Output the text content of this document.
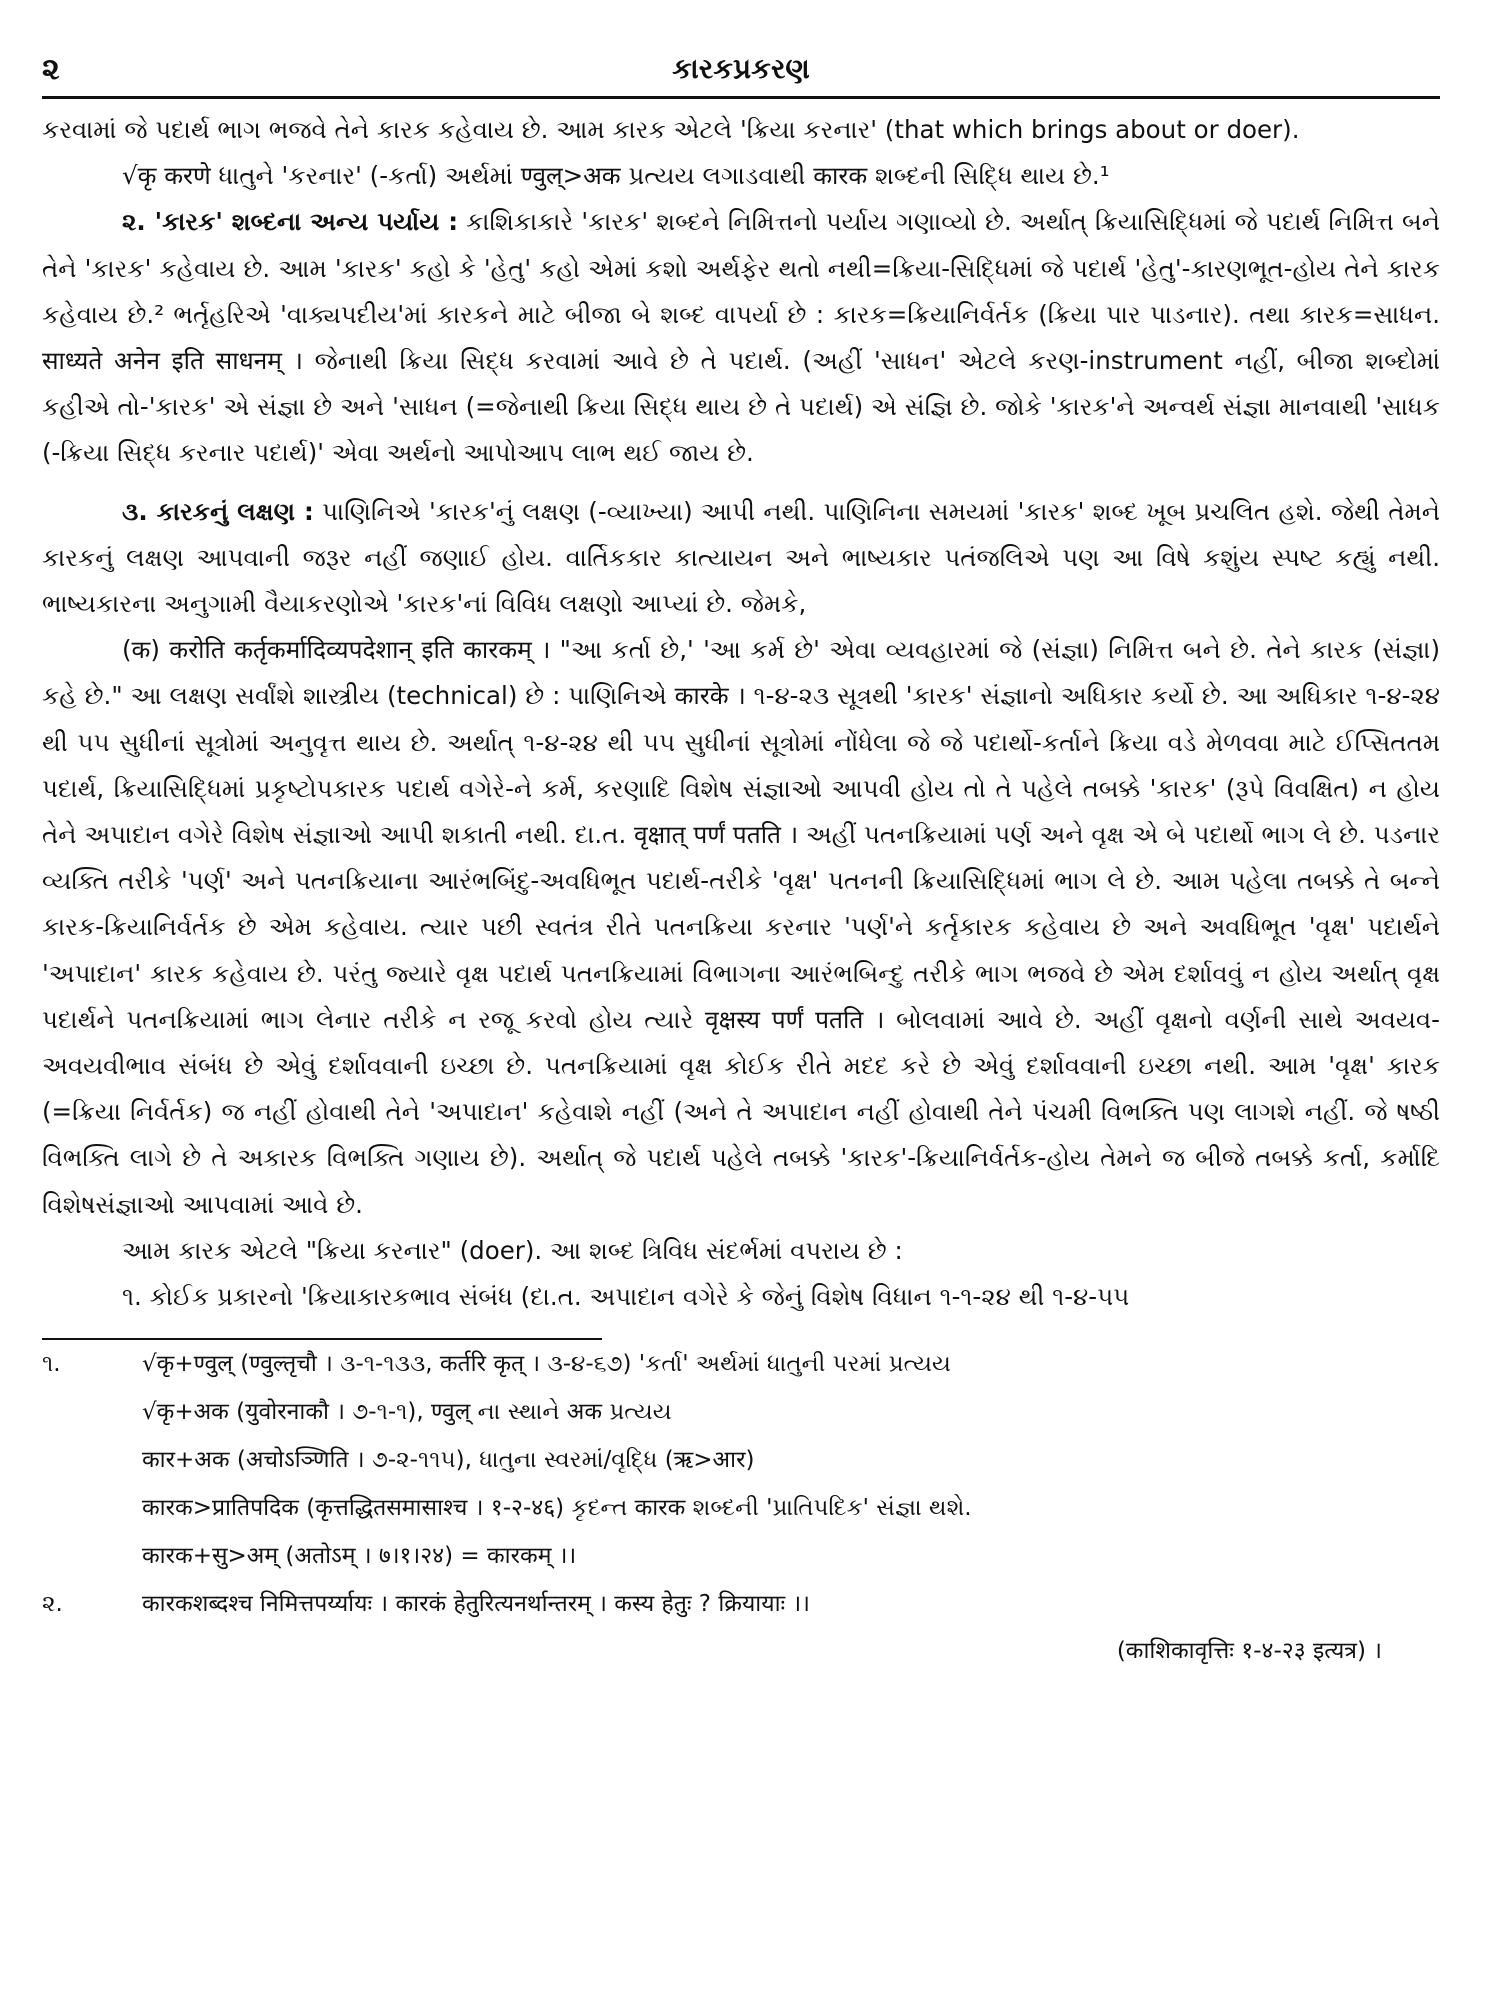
૨	કારકપ્રકરણ

કરવામાં જે પદાર્થ ભાગ ભજવે તેને કારક કહેવાય છે. આમ કારક એટલે 'ક્રિયા કરનાર' (that which brings about or doer).

√कृ करणे ધાતુને 'કરનાર' (-કર્તા) અર્થમાં ण्वुल्>अक પ્રત્યય લગાડવાથી कारक શબ્દની સિદ્ધિ થાય છે.¹

૨. 'કારક' શબ્દના અન્ય પર્યાય : કાશિકાકારે 'કારક' શબ્દને નિમિત્તનો પર્યાય ગણાવ્યો છે. અર્થાત્ ક્રિયાસિદ્ધિમાં જે પદાર્થ નિમિત્ત બને તેને 'કારક' કહેવાય છે. આમ 'કારક' કહો કે 'હેતુ' કહો એમાં કશો અર્થફેર થતો નથી=ક્રિયા-સિદ્ધિમાં જે પદાર્થ 'હેતુ'-કારણભૂત-હોય તેને કારક કહેવાય છે.² ભર્તૃહરિએ 'વાક્યપદીય'માં કારકને માટે બીજા બે શબ્દ વાપર્યા છે : કારક=ક્રિયાનિર્વર્તક (ક્રિયા પાર પાડનાર). તથા કારક=સાધન. साध्यते अनेन इति साधनम् । જેનાથી ક્રિયા સિદ્ધ કરવામાં આવે છે તે પદાર્થ. (અહીં 'સાધન' એટલે કરણ-instrument નહીં, બીજા શબ્દોમાં કહીએ તો-'કારક' એ સંજ્ઞા છે અને 'સાધન (=જેનાથી ક્રિયા સિદ્ધ થાય છે તે પદાર્થ) એ સંજ્ઞિ છે. જોકે 'કારક'ને અન્વર્થ સંજ્ઞા માનવાથી 'સાધક (-ક્રિયા સિદ્ધ કરનાર પદાર્થ)' એવા અર્થનો આપોઆપ લાભ થઈ જાય છે.

૩. કારકનું લક્ષણ : પાણિનિએ 'કારક'નું લક્ષણ (-વ્યાખ્યા) આપી નથી. પાણિનિના સમયમાં 'કારક' શબ્દ ખૂબ પ્રચલિત હશે. જેથી તેમને કારકનું લક્ષણ આપવાની જરૂર નહીં જણાઈ હોય. વાર્તિકકાર કાત્યાયન અને ભાષ્યકાર પતંજલિએ પણ આ વિષે કશુંય સ્પષ્ટ કહ્યું નથી. ભાષ્યકારના અનુગામી વૈયાકરણોએ 'કારક'નાં વિવિધ લક્ષણો આપ્યાં છે. જેમકે,

(क) करोति कर्तृकर्मादिव्यपदेशान् इति कारकम् । "આ કર્તા છે,' 'આ કર્મ છે' એવા વ્યવહારમાં જે (સંજ્ઞા) નિમિત્ત બને છે. તેને કારક (સંજ્ઞા) કહે છે." આ લક્ષણ સર્વાંશે શાસ્ત્રીય (technical) છે : પાણિનિએ कारके । ૧-૪-૨૩ સૂત્રથી 'કારક' સંજ્ઞાનો અધિકાર કર્યો છે. આ અધિકાર ૧-૪-૨૪ થી ૫૫ સુધીનાં સૂત્રોમાં અનુવૃત્ત થાય છે. અર્થાત્ ૧-૪-૨૪ થી ૫૫ સુધીનાં સૂત્રોમાં નોંધેલા જે જે પદાર્થો-કર્તાને ક્રિયા વડે મેળવવા માટે ઈપ્સિતતમ પદાર્થ, ક્રિયાસિદ્ધિમાં પ્રકૃષ્ટોપકારક પદાર્થ વગેરે-ને કર્મ, કરણાદિ વિશેષ સંજ્ઞાઓ આપવી હોય તો તે પહેલે તબક્કે 'કારક' (રૂપે વિવક્ષિત) ન હોય તેને અપાદાન વગેરે વિશેષ સંજ્ઞાઓ આપી શકાતી નથી. દા.ત. वृक्षात् पर्णं पतति । અહીં પતનક્રિયામાં પર્ણ અને વૃક્ષ એ બે પદાર્થો ભાગ લે છે. પડનાર વ્યક્તિ તરીકે 'પર્ણ' અને પતનક્રિયાના આરંભબિંદુ-અવધિભૂત પદાર્થ-તરીકે 'વૃક્ષ' પતનની ક્રિયાસિદ્ધિમાં ભાગ લે છે. આમ પહેલા તબક્કે તે બન્ને કારક-ક્રિયાનિર્વર્તક છે એમ કહેવાય. ત્યાર પછી સ્વતંત્ર રીતે પતનક્રિયા કરનાર 'પર્ણ'ને કર્તૃકારક કહેવાય છે અને અવધિભૂત 'વૃક્ષ' પદાર્થને 'અપાદાન' કારક કહેવાય છે. પરંતુ જ્યારે વૃક્ષ પદાર્થ પતનક્રિયામાં વિભાગના આરંભબિન્દુ તરીકે ભાગ ભજવે છે એમ દર્શાવવું ન હોય અર્થાત્ વૃક્ષ પદાર્થને પતનક્રિયામાં ભાગ લેનાર તરીકે ન રજૂ કરવો હોય ત્યારે वृक्षस्य पर्णं पतति । બોલવામાં આવે છે. અહીં વૃક્ષનો વર્ણની સાથે અવયવ-અવયવીભાવ સંબંધ છે એવું દર્શાવવાની ઇચ્છા છે. પતનક્રિયામાં વૃક્ષ કોઈક રીતે મદદ કરે છે એવું દર્શાવવાની ઇચ્છા નથી. આમ 'વૃક્ષ' કારક (=ક્રિયા નિર્વર્તક) જ નહીં હોવાથી તેને 'અપાદાન' કહેવાશે નહીં (અને તે અપાદાન નહીં હોવાથી તેને પંચમી વિભક્તિ પણ લાગશે નહીં. જે ષષ્ઠી વિભક્તિ લાગે છે તે અકારક વિભક્તિ ગણાય છે). અર્થાત્ જે પદાર્થ પહેલે તબક્કે 'કારક'-ક્રિયાનિર્વર્તક-હોય તેમને જ બીજે તબક્કે કર્તા, કર્માદિ વિશેષસંજ્ઞાઓ આપવામાં આવે છે.

આમ કારક એટલે "ક્રિયા કરનાર" (doer). આ શબ્દ ત્રિવિધ સંદર્ભમાં વપરાય છે :

૧. કોઈક પ્રકારનો 'ક્રિયાકારકભાવ સંબંધ (દા.ત. અપાદાન વગેરે કે જેનું વિશેષ વિધાન ૧-૧-૨૪ થી ૧-૪-૫૫

૧.	√कृ+ण्वुल् (ण्वुल्तृचौ । ૩-૧-૧૩૩, कर्तरि कृत् । ૩-૪-૬૭) 'કર્તા' અર્થમાં ધાતુની પરમાં પ્રત્યય
√कृ+अक (युवोरनाकौ । ૭-૧-૧), ण्वुल् ના સ્થાને अक પ્રત્યય
कार+अक (अचोऽञ्णिति । ૭-૨-૧૧૫), ધાતુના સ્વરમાં/વૃદ્ધિ (ऋ>आर)
कारक>प्रातिपदिक (कृत्तद्धितसमासाश्च । १-२-४६) કૃદન્ત कारक શબ્દની 'પ્રાતિપદિક' સંજ્ઞા થશે.
कारक+सु>अम् (अतोऽम् । ७।१।२४) = कारकम् ।।
૨.	कारकशब्दश्च निमित्तपर्य्यायः । कारकं हेतुरित्यनर्थान्तरम् । कस्य हेतुः ? क्रियायाः ।।
(काशिकावृत्तिः १-४-२३ इत्यत्र) ।
